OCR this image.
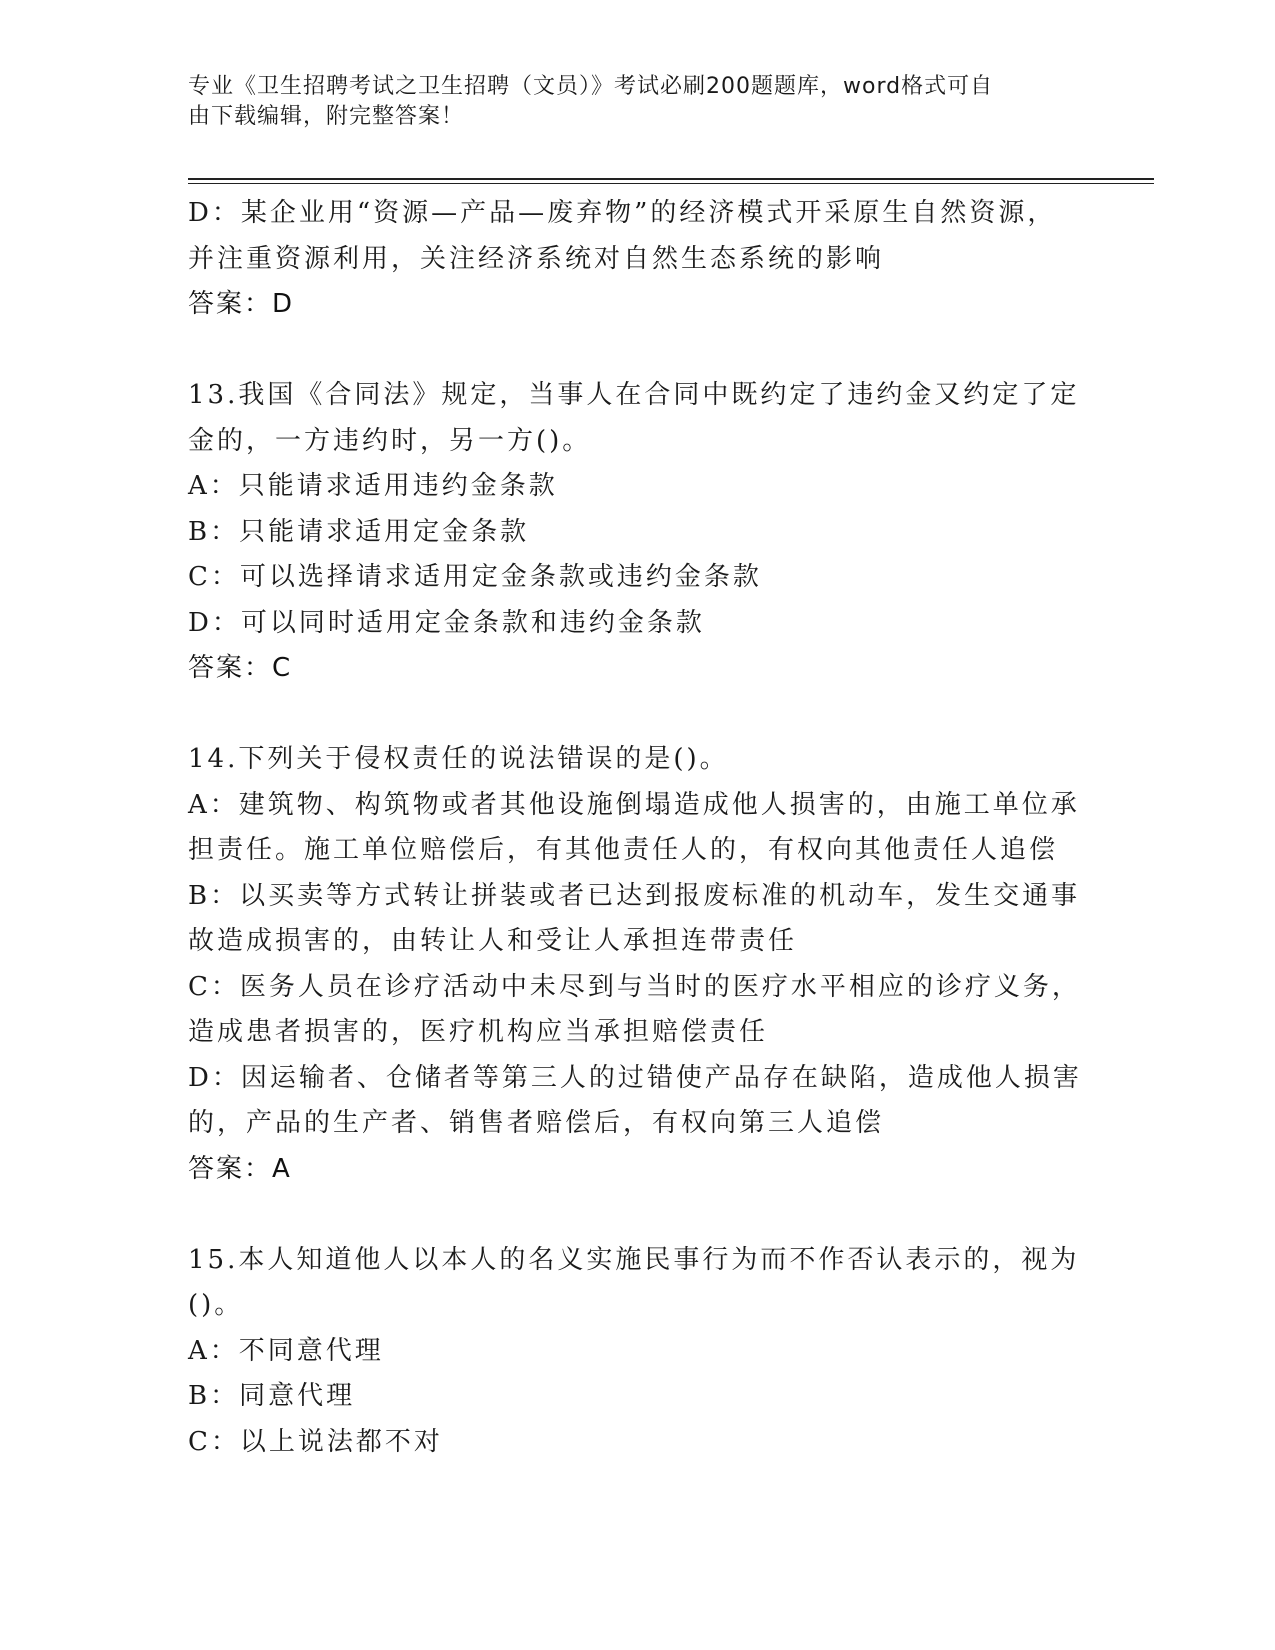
专业《卫生招聘考试之卫生招聘（文员）》考试必刷200题题库，word格式可自
由下载编辑，附完整答案！
D：某企业用“资源—产品—废弃物”的经济模式开采原生自然资源，
并注重资源利用，关注经济系统对自然生态系统的影响
答案：D
13.我国《合同法》规定，当事人在合同中既约定了违约金又约定了定
金的，一方违约时，另一方()。
A：只能请求适用违约金条款
B：只能请求适用定金条款
C：可以选择请求适用定金条款或违约金条款
D：可以同时适用定金条款和违约金条款
答案：C
14.下列关于侵权责任的说法错误的是()。
A：建筑物、构筑物或者其他设施倒塌造成他人损害的，由施工单位承
担责任。施工单位赔偿后，有其他责任人的，有权向其他责任人追偿
B：以买卖等方式转让拼装或者已达到报废标准的机动车，发生交通事
故造成损害的，由转让人和受让人承担连带责任
C：医务人员在诊疗活动中未尽到与当时的医疗水平相应的诊疗义务，
造成患者损害的，医疗机构应当承担赔偿责任
D：因运输者、仓储者等第三人的过错使产品存在缺陷，造成他人损害
的，产品的生产者、销售者赔偿后，有权向第三人追偿
答案：A
15.本人知道他人以本人的名义实施民事行为而不作否认表示的，视为
()。
A：不同意代理
B：同意代理
C：以上说法都不对
